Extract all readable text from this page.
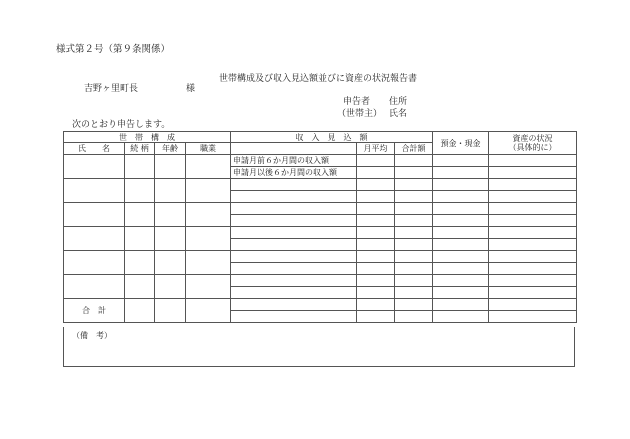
様式第２号（第９条関係）
世帯構成及び収入見込額並びに資産の状況報告書
吉野ヶ里町長	様
申告者 住所
（世帯主） 氏名
次のとおり申告します。
世　帯　構　成				収　入　見　込　額			預金・現金	資産の状況
（具体的に）
氏　　名	続 柄	年齢	職業		月平均	合計額		
				申請月前６か月間の収入額				
				申請月以後６か月間の収入額				

合　計								

（備　考）
